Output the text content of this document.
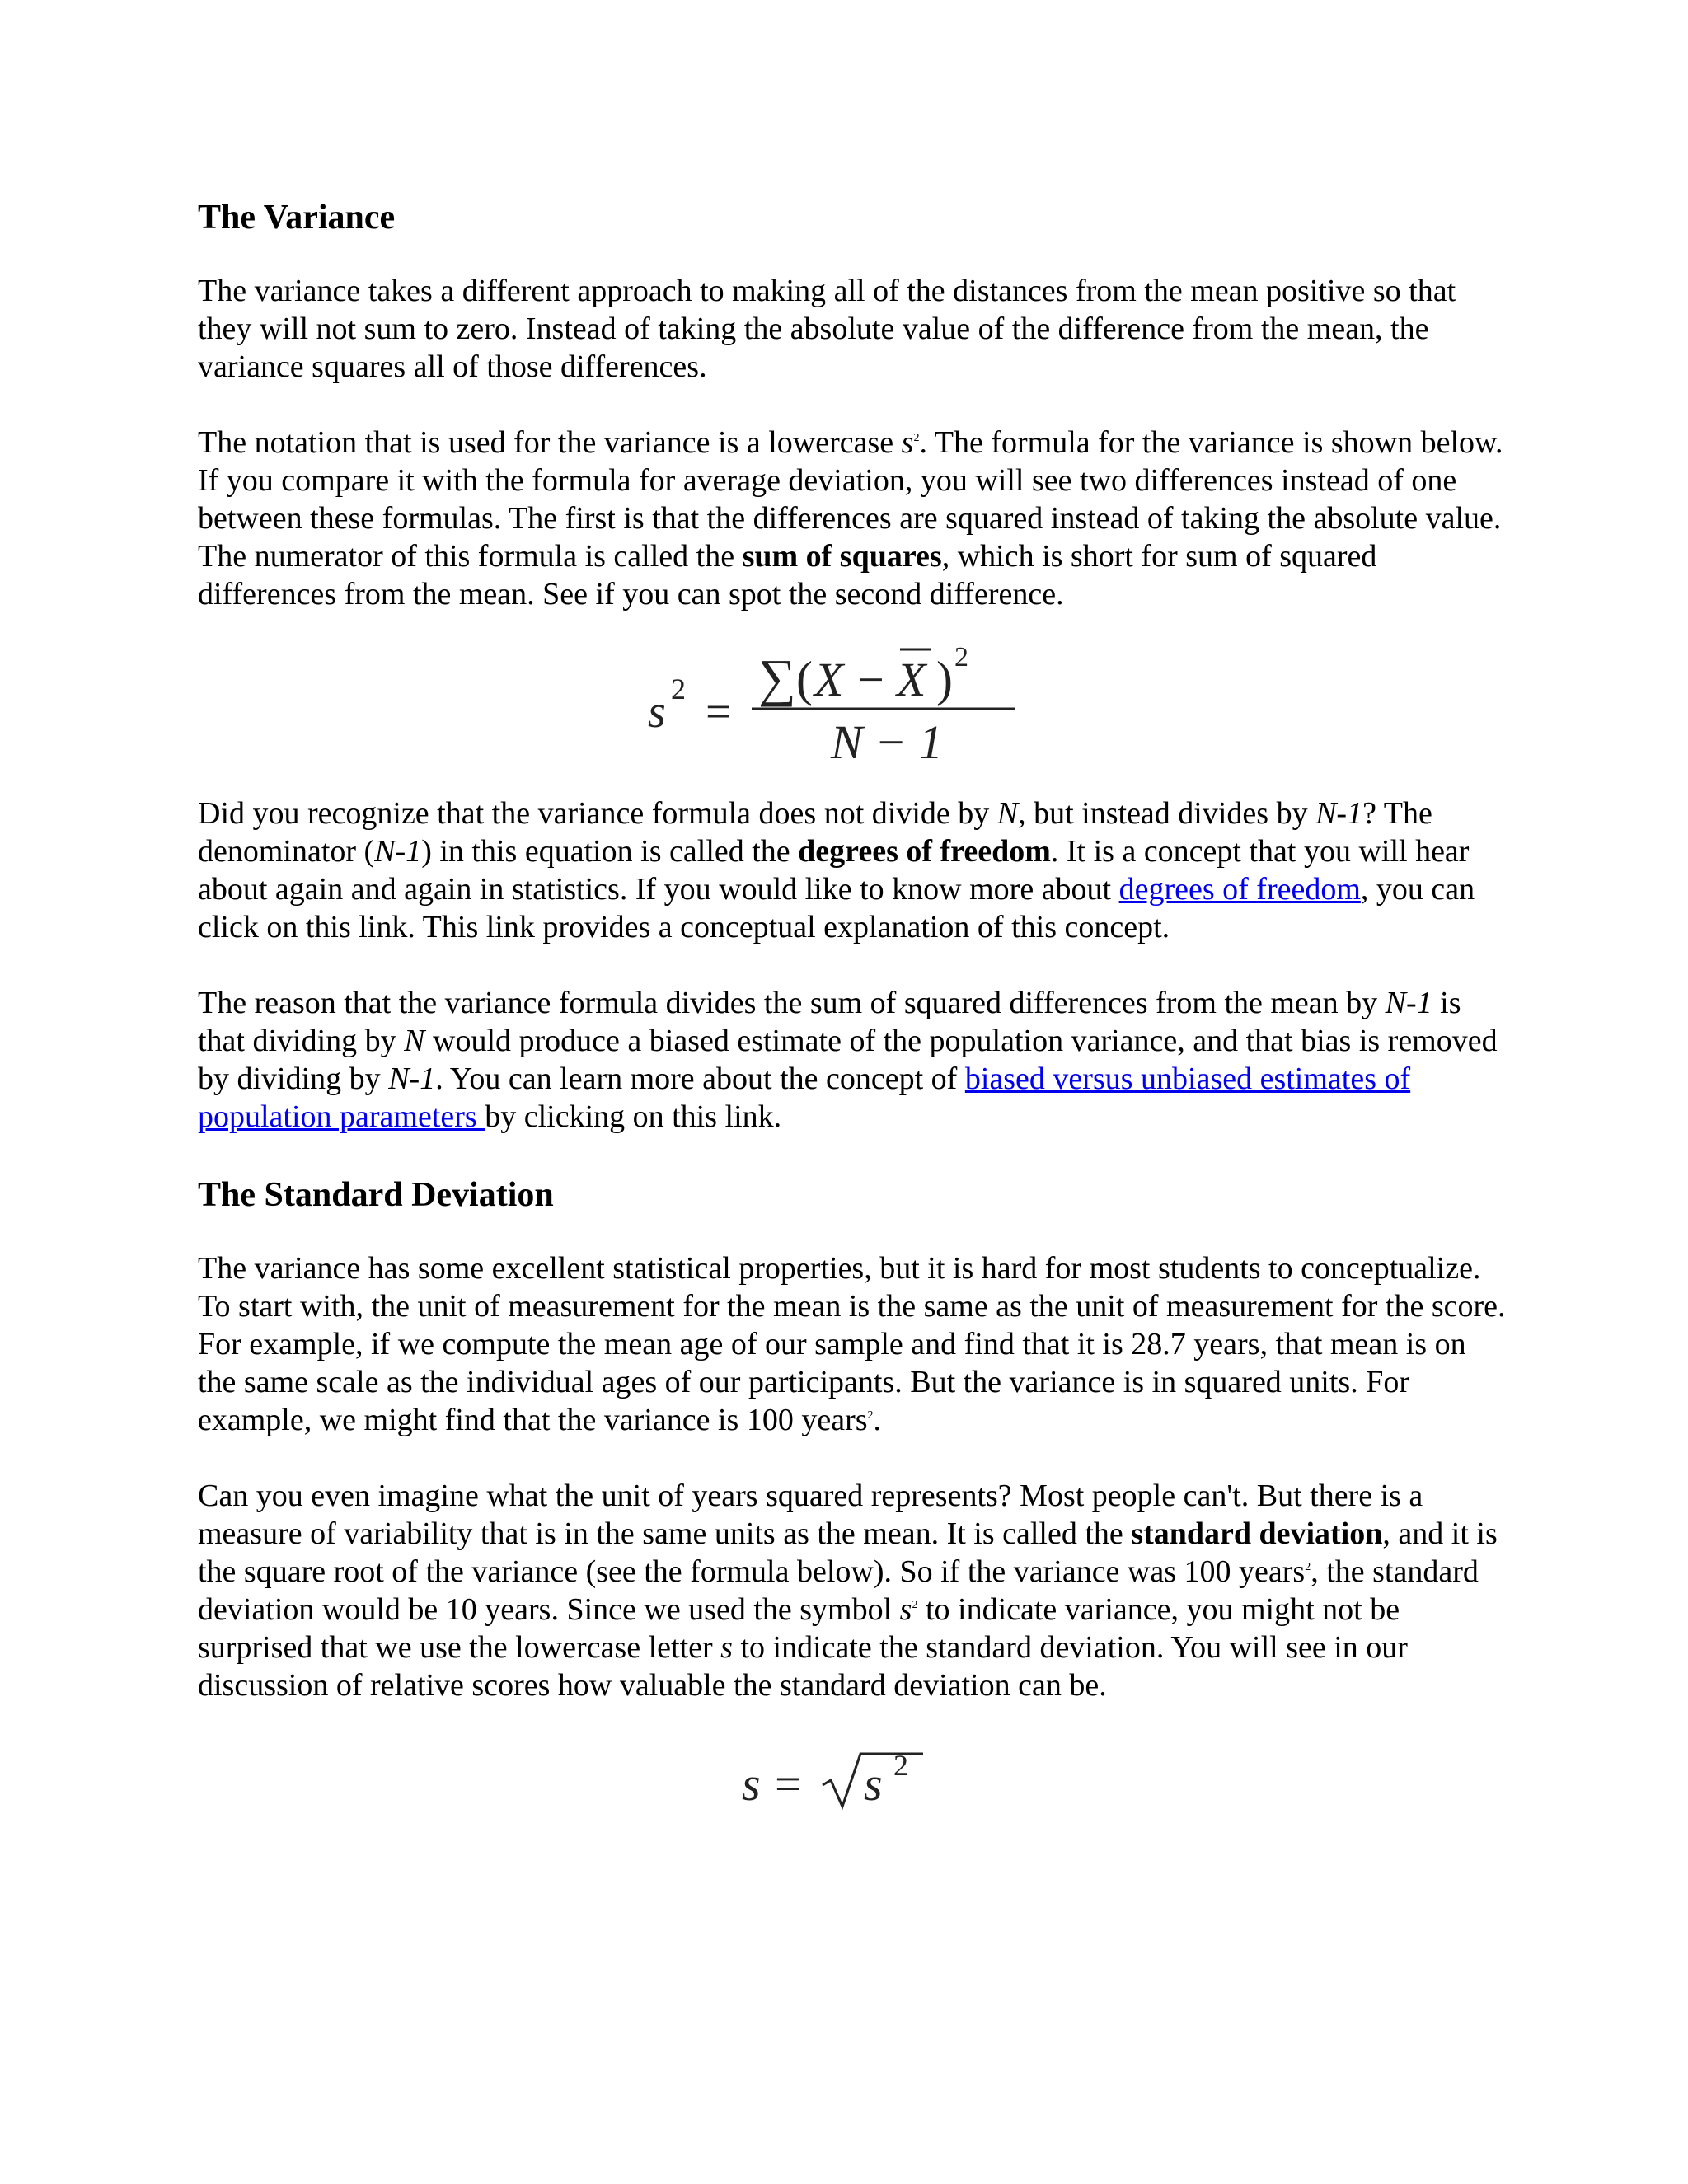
The Variance

The variance takes a different approach to making all of the distances from the mean positive so that they will not sum to zero. Instead of taking the absolute value of the difference from the mean, the variance squares all of those differences.

The notation that is used for the variance is a lowercase $s^2$. The formula for the variance is shown below. If you compare it with the formula for average deviation, you will see two differences instead of one between these formulas. The first is that the differences are squared instead of taking the absolute value. The numerator of this formula is called the sum of squares, which is short for sum of squared differences from the mean. See if you can spot the second difference.

s 2 =
∑ ( X − X ) 2
N − 1

Did you recognize that the variance formula does not divide by N, but instead divides by N-1? The denominator (N-1) in this equation is called the degrees of freedom. It is a concept that you will hear about again and again in statistics. If you would like to know more about degrees of freedom, you can click on this link. This link provides a conceptual explanation of this concept.

The reason that the variance formula divides the sum of squared differences from the mean by N-1 is that dividing by N would produce a biased estimate of the population variance, and that bias is removed by dividing by N-1. You can learn more about the concept of biased versus unbiased estimates of population parameters by clicking on this link.

The Standard Deviation

The variance has some excellent statistical properties, but it is hard for most students to conceptualize. To start with, the unit of measurement for the mean is the same as the unit of measurement for the score. For example, if we compute the mean age of our sample and find that it is 28.7 years, that mean is on the same scale as the individual ages of our participants. But the variance is in squared units. For example, we might find that the variance is 100 years$^2$.

Can you even imagine what the unit of years squared represents? Most people can't. But there is a measure of variability that is in the same units as the mean. It is called the standard deviation, and it is the square root of the variance (see the formula below). So if the variance was 100 years$^2$, the standard deviation would be 10 years. Since we used the symbol $s^2$ to indicate variance, you might not be surprised that we use the lowercase letter s to indicate the standard deviation. You will see in our discussion of relative scores how valuable the standard deviation can be.

s = s 2
